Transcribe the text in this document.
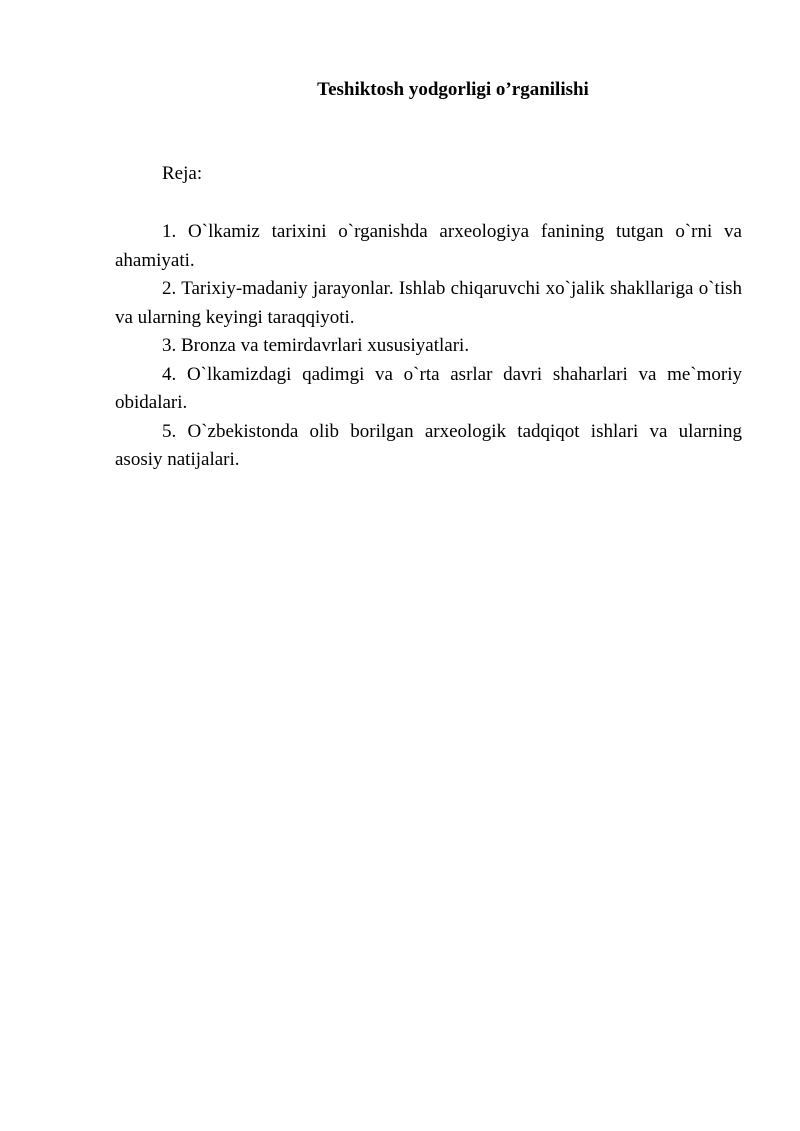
Teshiktosh yodgorligi o’rganilishi

Reja:

1. O`lkamiz tarixini o`rganishda arxeologiya fanining tutgan o`rni va ahamiyati.

2. Tarixiy-madaniy jarayonlar. Ishlab chiqaruvchi xo`jalik shakllariga o`tish va ularning keyingi taraqqiyoti.

3. Bronza va temirdavrlari xususiyatlari.

4. O`lkamizdagi qadimgi va o`rta asrlar davri shaharlari va me`moriy obidalari.

5. O`zbekistonda olib borilgan arxeologik tadqiqot ishlari va ularning asosiy natijalari.
